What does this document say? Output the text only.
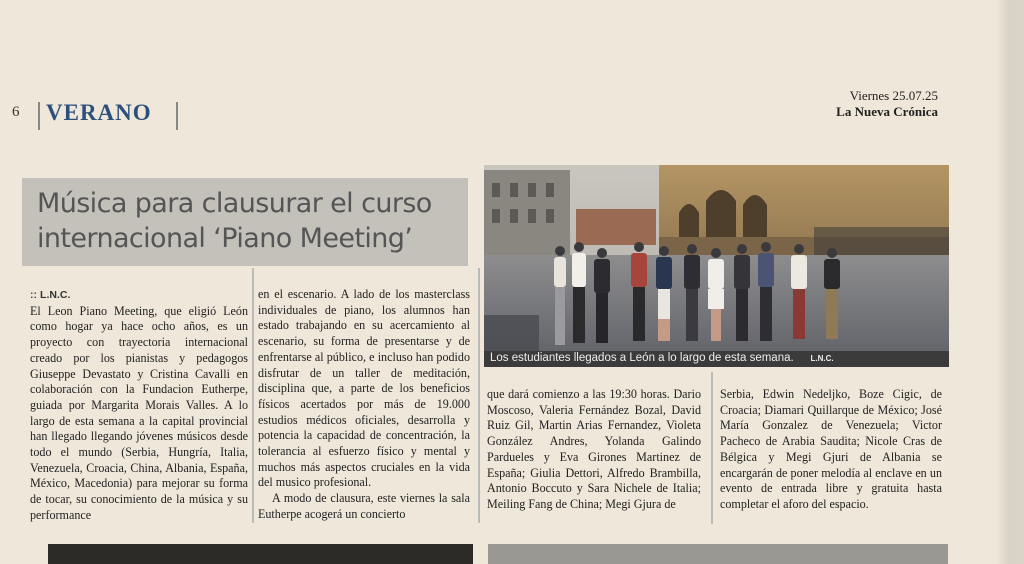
6 VERANO
Viernes 25.07.25
La Nueva Crónica
Música para clausurar el curso internacional ‘Piano Meeting’
Los estudiantes llegados a León a lo largo de esta semana. :: L.N.C.
:: L.N.C.

El Leon Piano Meeting, que eligió León como hogar ya hace ocho años, es un proyecto con trayectoria internacional creado por los pianistas y pedagogos Giuseppe Devastato y Cristina Cavalli en colaboración con la Fundacion Eutherpe, guiada por Margarita Morais Valles. A lo largo de esta semana a la capital provincial han llegado llegando jóvenes músicos desde todo el mundo (Serbia, Hungría, Italia, Venezuela, Croacia, China, Albania, España, México, Macedonia) para mejorar su forma de tocar, su conocimiento de la música y su performance

en el escenario. A lado de los masterclass individuales de piano, los alumnos han estado trabajando en su acercamiento al escenario, su forma de presentarse y de enfrentarse al público, e incluso han podido disfrutar de un taller de meditación, disciplina que, a parte de los beneficios físicos acertados por más de 19.000 estudios médicos oficiales, desarrolla y potencia la capacidad de concentración, la tolerancia al esfuerzo físico y mental y muchos más aspectos cruciales en la vida del musico profesional.

A modo de clausura, este viernes la sala Eutherpe acogerá un concierto

que dará comienzo a las 19:30 horas. Dario Moscoso, Valeria Fernández Bozal, David Ruiz Gil, Martin Arias Fernandez, Violeta González Andres, Yolanda Galindo Pardueles y Eva Girones Martinez de España; Giulia Dettori, Alfredo Brambilla, Antonio Boccuto y Sara Nichele de Italia; Meiling Fang de China; Megi Gjura de

Serbia, Edwin Nedeljko, Boze Cigic, de Croacia; Diamari Quillarque de México; José María Gonzalez de Venezuela; Victor Pacheco de Arabia Saudita; Nicole Cras de Bélgica y Megi Gjuri de Albania se encargarán de poner melodía al enclave en un evento de entrada libre y gratuita hasta completar el aforo del espacio.
